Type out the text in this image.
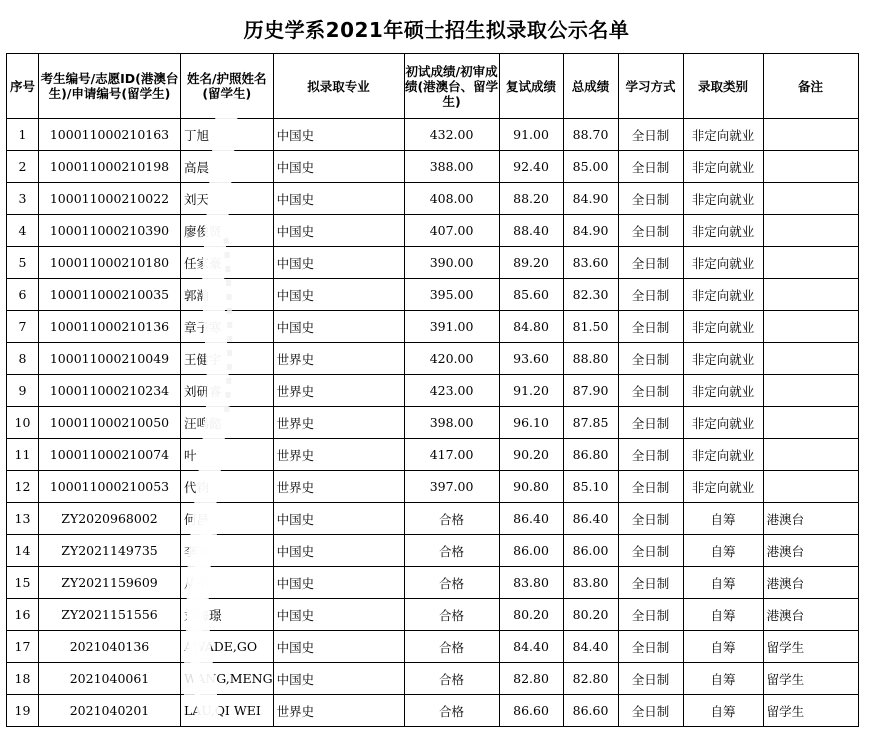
历史学系2021年硕士招生拟录取公示名单
序号	考生编号/志愿ID(港澳台生)/申请编号(留学生)	姓名/护照姓名(留学生)	拟录取专业	初试成绩/初审成绩(港澳台、留学生)	复试成绩	总成绩	学习方式	录取类别	备注
1	100011000210163	丁旭	中国史	432.00	91.00	88.70	全日制	非定向就业	
2	100011000210198	高晨	中国史	388.00	92.40	85.00	全日制	非定向就业	
3	100011000210022	刘天	中国史	408.00	88.20	84.90	全日制	非定向就业	
4	100011000210390	廖俊贤	中国史	407.00	88.40	84.90	全日制	非定向就业	
5	100011000210180	任家豪	中国史	390.00	89.20	83.60	全日制	非定向就业	
6	100011000210035	郭瀚	中国史	395.00	85.60	82.30	全日制	非定向就业	
7	100011000210136	章子寒	中国史	391.00	84.80	81.50	全日制	非定向就业	
8	100011000210049	王健宇	世界史	420.00	93.60	88.80	全日制	非定向就业	
9	100011000210234	刘研睿	世界史	423.00	91.20	87.90	全日制	非定向就业	
10	100011000210050	汪鸣懿	世界史	398.00	96.10	87.85	全日制	非定向就业	
11	100011000210074	叶	世界史	417.00	90.20	86.80	全日制	非定向就业	
12	100011000210053	代钧	世界史	397.00	90.80	85.10	全日制	非定向就业	
13	ZY2020968002	何昌	中国史	合格	86.40	86.40	全日制	自筹	港澳台
14	ZY2021149735	李静	中国史	合格	86.00	86.00	全日制	自筹	港澳台
15	ZY2021159609	从军	中国史	合格	83.80	83.80	全日制	自筹	港澳台
16	ZY2021151556	刘海璟	中国史	合格	80.20	80.20	全日制	自筹	港澳台
17	2021040136	AWADE,GO	中国史	合格	84.40	84.40	全日制	自筹	留学生
18	2021040061	WANG,MENG	中国史	合格	82.80	82.80	全日制	自筹	留学生
19	2021040201	LAU,QI WEI	世界史	合格	86.60	86.60	全日制	自筹	留学生
